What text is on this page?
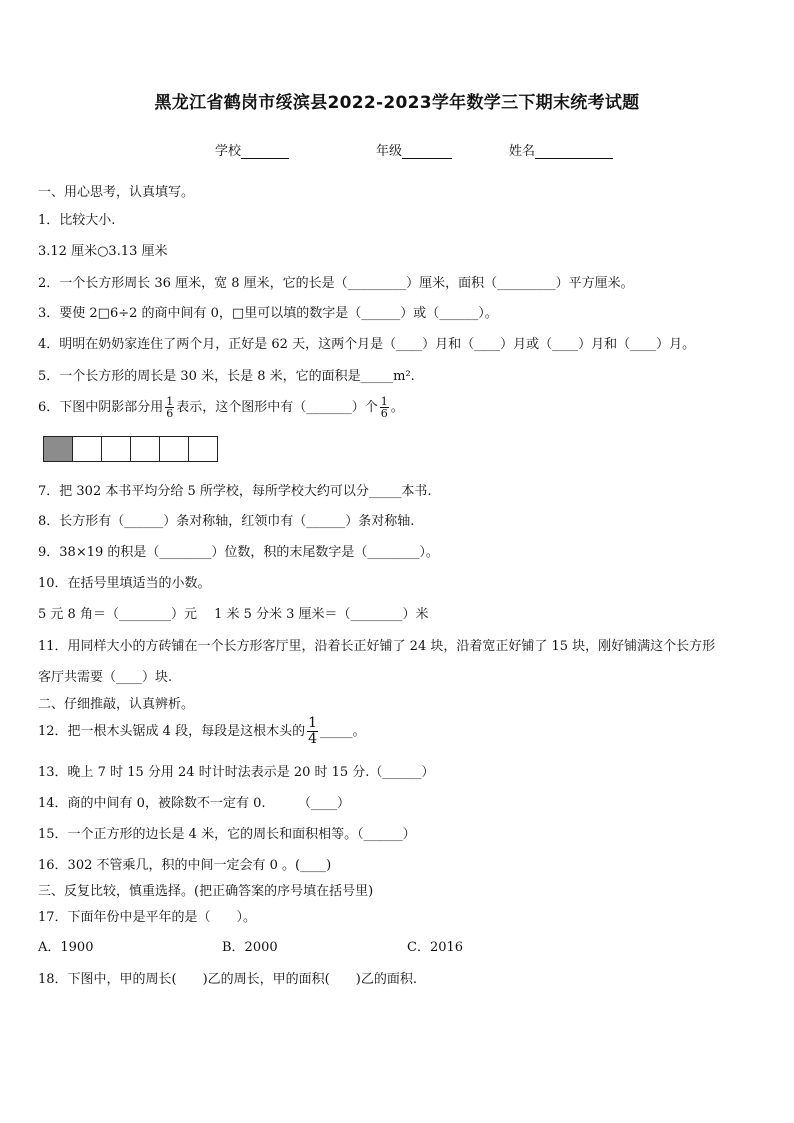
黑龙江省鹤岗市绥滨县2022-2023学年数学三下期末统考试题
学校	年级	姓名
一、用心思考，认真填写。
1．比较大小.
3.12 厘米○3.13 厘米
2．一个长方形周长 36 厘米，宽 8 厘米，它的长是（_________）厘米，面积（_________）平方厘米。
3．要使 2□6÷2 的商中间有 0，□里可以填的数字是（______）或（______）。
4．明明在奶奶家连住了两个月，正好是 62 天，这两个月是（____）月和（____）月或（____）月和（____）月。
5．一个长方形的周长是 30 米，长是 8 米，它的面积是_____m².
6．下图中阴影部分用 $\frac{1}{6}$ 表示，这个图形中有（_______）个 $\frac{1}{6}$ 。
7．把 302 本书平均分给 5 所学校，每所学校大约可以分_____本书.
8．长方形有（______）条对称轴，红领巾有（______）条对称轴.
9．38×19 的积是（________）位数，积的末尾数字是（________）。
10．在括号里填适当的小数。
5 元 8 角＝（________）元　 1 米 5 分米 3 厘米＝（________）米
11．用同样大小的方砖铺在一个长方形客厅里，沿着长正好铺了 24 块，沿着宽正好铺了 15 块，刚好铺满这个长方形
客厅共需要（____）块.
二、仔细推敲，认真辨析。
12．把一根木头锯成 4 段，每段是这根木头的 $\frac{1}{4}$ _____。
13．晚上 7 时 15 分用 24 时计时法表示是 20 时 15 分.（______）
14．商的中间有 0，被除数不一定有 0.　　　（____）
15．一个正方形的边长是 4 米，它的周长和面积相等。（______）
16．302 不管乘几，积的中间一定会有 0 。(____)
三、反复比较，慎重选择。(把正确答案的序号填在括号里)
17．下面年份中是平年的是（　　）。
A．1900	B．2000	C．2016
18．下图中，甲的周长(　　)乙的周长，甲的面积(　　)乙的面积.
